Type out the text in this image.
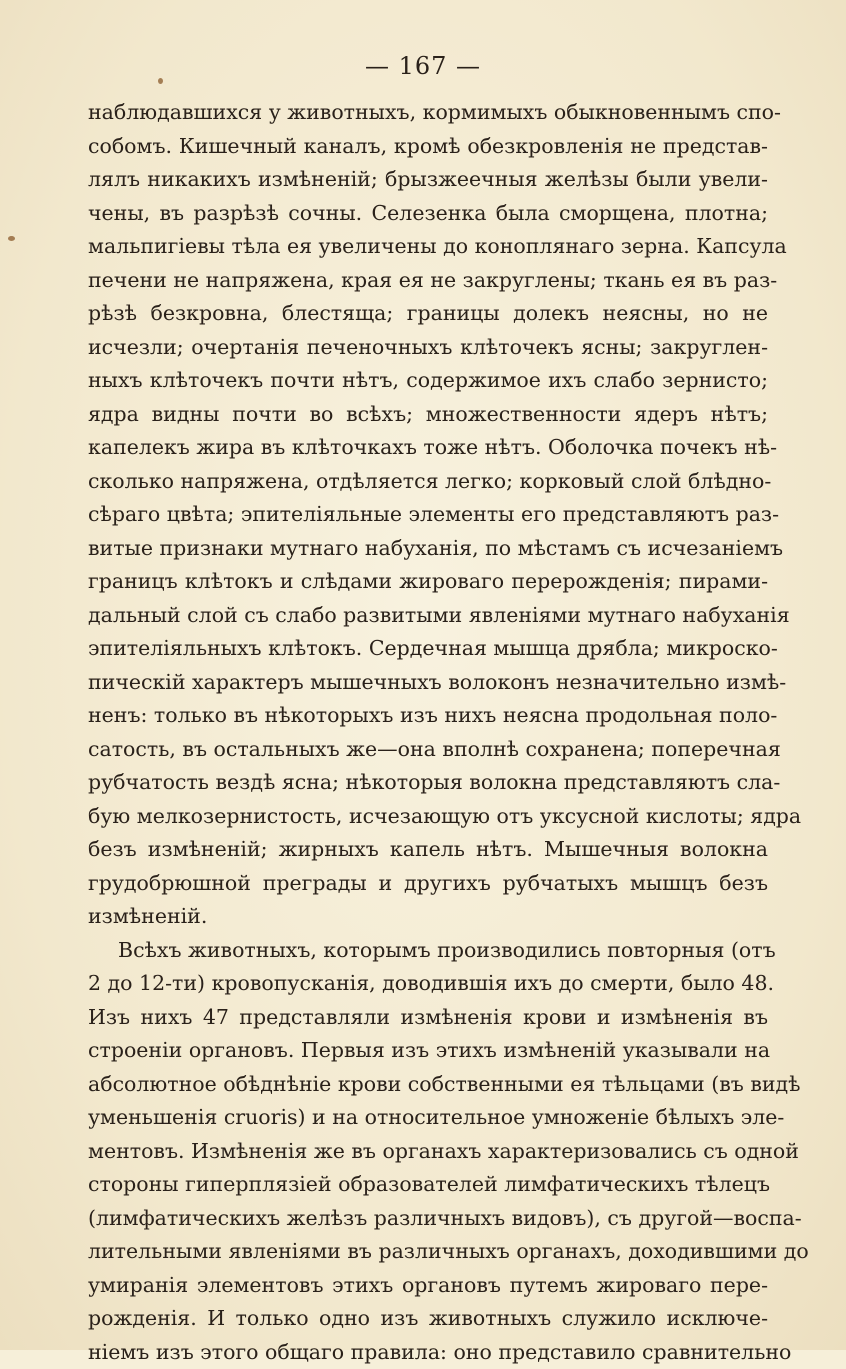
— 167 —
наблюдавшихся у животныхъ, кормимыхъ обыкновеннымъ спо-
собомъ. Кишечный каналъ, кромѣ обезкровленія не представ-
лялъ никакихъ измѣненій; брызжеечныя желѣзы были увели-
чены, въ разрѣзѣ сочны. Селезенка была сморщена, плотна;
мальпигіевы тѣла ея увеличены до коноплянаго зерна. Капсула
печени не напряжена, края ея не закруглены; ткань ея въ раз-
рѣзѣ безкровна, блестяща; границы долекъ неясны, но не
исчезли; очертанія печеночныхъ клѣточекъ ясны; закруглен-
ныхъ клѣточекъ почти нѣтъ, содержимое ихъ слабо зернисто;
ядра видны почти во всѣхъ; множественности ядеръ нѣтъ;
капелекъ жира въ клѣточкахъ тоже нѣтъ. Оболочка почекъ нѣ-
сколько напряжена, отдѣляется легко; корковый слой блѣдно-
сѣраго цвѣта; эпителіяльные элементы его представляютъ раз-
витые признаки мутнаго набуханія, по мѣстамъ съ исчезаніемъ
границъ клѣтокъ и слѣдами жироваго перерожденія; пирами-
дальный слой съ слабо развитыми явленіями мутнаго набуханія
эпителіяльныхъ клѣтокъ. Сердечная мышца дрябла; микроско-
пическій характеръ мышечныхъ волоконъ незначительно измѣ-
ненъ: только въ нѣкоторыхъ изъ нихъ неясна продольная поло-
сатость, въ остальныхъ же—она вполнѣ сохранена; поперечная
рубчатость вездѣ ясна; нѣкоторыя волокна представляютъ сла-
бую мелкозернистость, исчезающую отъ уксусной кислоты; ядра
безъ измѣненій; жирныхъ капель нѣтъ. Мышечныя волокна
грудобрюшной преграды и другихъ рубчатыхъ мышцъ безъ
измѣненій.
Всѣхъ животныхъ, которымъ производились повторныя (отъ
2 до 12-ти) кровопусканія, доводившія ихъ до смерти, было 48.
Изъ нихъ 47 представляли измѣненія крови и измѣненія въ
строеніи органовъ. Первыя изъ этихъ измѣненій указывали на
абсолютное обѣднѣніе крови собственными ея тѣльцами (въ видѣ
уменьшенія cruoris) и на относительное умноженіе бѣлыхъ эле-
ментовъ. Измѣненія же въ органахъ характеризовались съ одной
стороны гиперплязіей образователей лимфатическихъ тѣлецъ
(лимфатическихъ желѣзъ различныхъ видовъ), съ другой—воспа-
лительными явленіями въ различныхъ органахъ, доходившими до
умиранія элементовъ этихъ органовъ путемъ жироваго пере-
рожденія. И только одно изъ животныхъ служило исключе-
ніемъ изъ этого общаго правила: оно представило сравнительно
